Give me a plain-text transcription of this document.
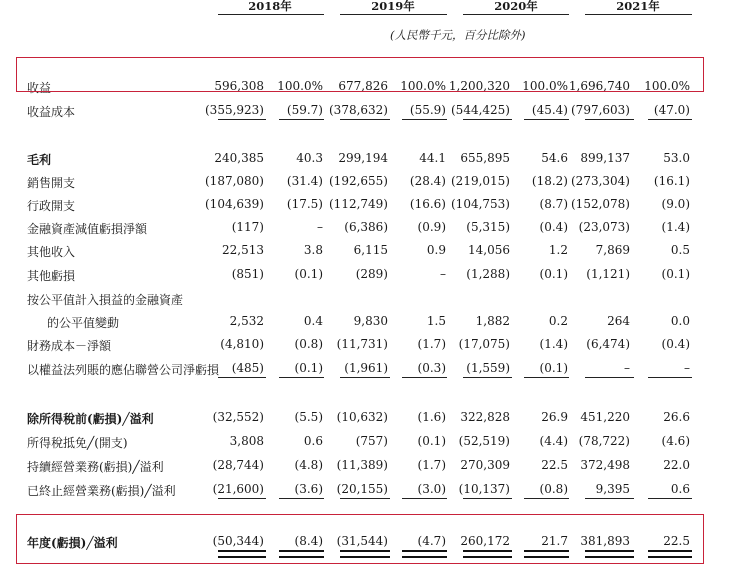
2018年	2019年	2020年	2021年
(人民幣千元，百分比除外)
收益	596,308	100.0%	677,826	100.0% 1,200,320	100.0% 1,696,740	100.0%
收益成本	(355,923)	(59.7) (378,632)	(55.9) (544,425)	(45.4) (797,603)	(47.0)
毛利	240,385	40.3	299,194	44.1	655,895	54.6	899,137	53.0
銷售開支	(187,080)	(31.4) (192,655)	(28.4) (219,015)	(18.2) (273,304)	(16.1)
行政開支	(104,639)	(17.5) (112,749)	(16.6) (104,753)	(8.7) (152,078)	(9.0)
金融資產減值虧損淨額	(117)	–	(6,386)	(0.9)	(5,315)	(0.4) (23,073)	(1.4)
其他收入	22,513	3.8	6,115	0.9	14,056	1.2	7,869	0.5
其他虧損	(851)	(0.1)	(289)	–	(1,288)	(0.1)	(1,121)	(0.1)
按公平值計入損益的金融資產
的公平值變動	2,532	0.4	9,830	1.5	1,882	0.2	264	0.0
財務成本－淨額	(4,810)	(0.8)	(11,731)	(1.7)	(17,075)	(1.4)	(6,474)	(0.4)
以權益法列賬的應佔聯營公司淨虧損	(485)	(0.1)	(1,961)	(0.3)	(1,559)	(0.1)	–	–
除所得稅前(虧損)╱溢利	(32,552)	(5.5)	(10,632)	(1.6)	322,828	26.9	451,220	26.6
所得稅抵免╱(開支)	3,808	0.6	(757)	(0.1)	(52,519)	(4.4) (78,722)	(4.6)
持續經營業務(虧損)╱溢利	(28,744)	(4.8)	(11,389)	(1.7)	270,309	22.5	372,498	22.0
已終止經營業務(虧損)╱溢利	(21,600)	(3.6)	(20,155)	(3.0)	(10,137)	(0.8)	9,395	0.6
年度(虧損)╱溢利	(50,344)	(8.4)	(31,544)	(4.7)	260,172	21.7	381,893	22.5
